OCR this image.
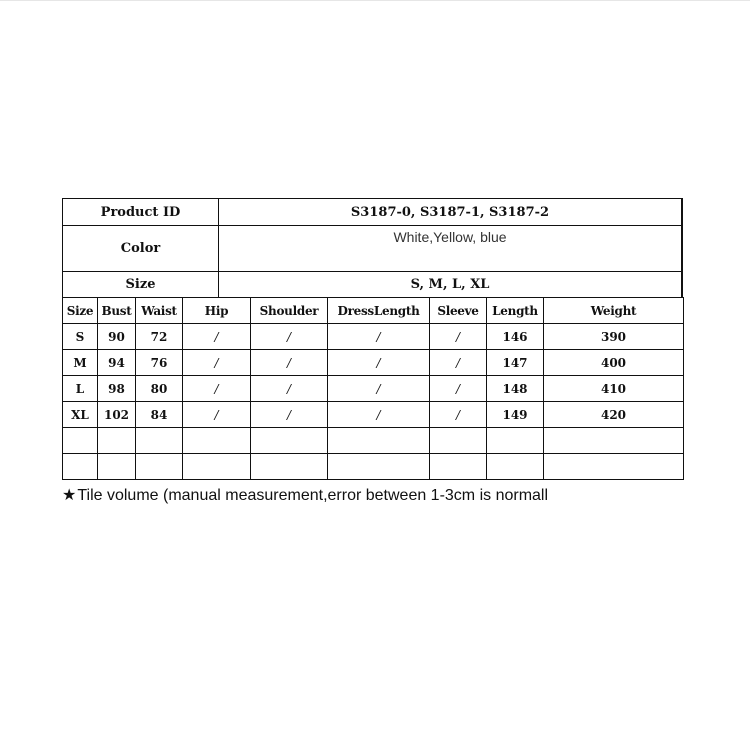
Product ID	S3187-0, S3187-1, S3187-2
Color	White,Yellow, blue
Size	S, M, L, XL
Size	Bust	Waist	Hip	Shoulder	DressLength	Sleeve	Length	Weight
S	90	72	/	/	/	/	146	390
M	94	76	/	/	/	/	147	400
L	98	80	/	/	/	/	148	410
XL	102	84	/	/	/	/	149	420

★Tile volume (manual measurement,error between 1-3cm is normall
